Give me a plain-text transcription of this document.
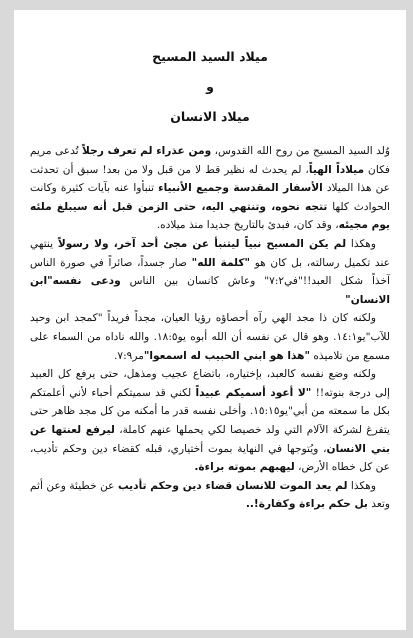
ميلاد السيد المسيح

و

ميلاد الانسان

وُلد السيد المسيح من روح الله القدوس، ومن عذراء لم تعرف رجلاً تُدعى مريم فكان ميلاداً الهياً، لم يحدث له نظير قط لا من قبل ولا من بعد! سبق أن تحدثت عن هذا الميلاد الأسفار المقدسة وجميع الأنبياء تنبأوا عنه بآيات كثيرة وكانت الحوادث كلها تتجه نحوه، وتنتهي اليه، حتى الزمن قبل أنه سيبلغ ملئه يوم مجيئه، وقد كان، فبدئ بالتاريخ جديدا منذ ميلاده.

وهكذا لم يكن المسيح نبياً ليتنبأ عن مجئ أحد آخر، ولا رسولاً ينتهي عند تكميل رسالته، بل كان هو "كلمة الله" صار جسداً، صائراً في صورة الناس آخذاً شكل العبد!!"في٧:٢" وعاش كانسان بين الناس ودعى نفسه"ابن الانسان"

ولكنه كان ذا مجد الهي رآه أحصاؤه رؤيا العيان، مجداً فريداً "كمجد ابن وحيد للآب"يو١٤:١. وهو قال عن نفسه أن الله أبوه يو١٨:٥. والله ناداه من السماء على مسمع من تلاميذه "هذا هو ابني الحبيب له اسمعوا"مر٧:٩.

ولكنه وضع نفسه كالعبد، بإختياره، باتضاع عجيب ومذهل، حتى يرفع كل العبيد إلى درجة بنوته!! "لا أعود أسميكم عبيداً لكني قد سميتكم أحباء لأني أعلمتكم بكل ما سمعته من أبي"يو١٥:١٥. وأخلى نفسه قدر ما أمكنه من كل مجد ظاهر حتى يتفرغ لشركة الآلام التي ولد خصيصا لكي يحملها عنهم كاملة، ليرفع لعنتها عن بني الانسان، ويُتوجها في النهاية بموت أختياري، قبله كقضاء دين وحكم تأديب، عن كل خطاه الأرض، ليهبهم بموته براءة.

وهكذا لم يعد الموت للانسان قضاء دين وحكم تأديب عن خطيئة وعن أثم وتعد بل حكم براءة وكفارة!..
